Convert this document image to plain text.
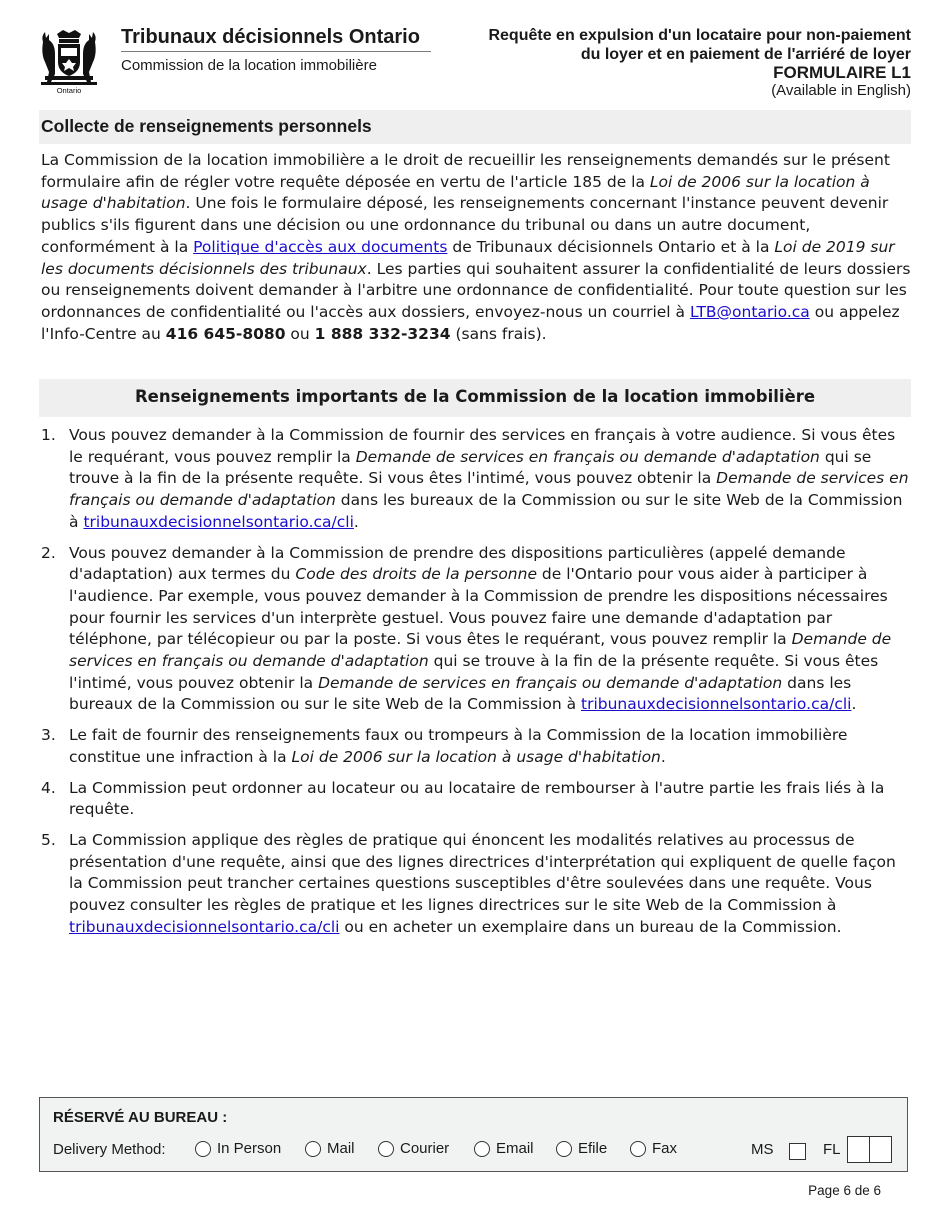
Ontario
Tribunaux décisionnels Ontario
Commission de la location immobilière
Requête en expulsion d'un locataire pour non-paiement
du loyer et en paiement de l'arriéré de loyer
FORMULAIRE L1
(Available in English)
Collecte de renseignements personnels
La Commission de la location immobilière a le droit de recueillir les renseignements demandés sur le présent formulaire afin de régler votre requête déposée en vertu de l'article 185 de la Loi de 2006 sur la location à usage d'habitation. Une fois le formulaire déposé, les renseignements concernant l'instance peuvent devenir publics s'ils figurent dans une décision ou une ordonnance du tribunal ou dans un autre document, conformément à la Politique d'accès aux documents de Tribunaux décisionnels Ontario et à la Loi de 2019 sur les documents décisionnels des tribunaux. Les parties qui souhaitent assurer la confidentialité de leurs dossiers ou renseignements doivent demander à l'arbitre une ordonnance de confidentialité. Pour toute question sur les ordonnances de confidentialité ou l'accès aux dossiers, envoyez-nous un courriel à LTB@ontario.ca ou appelez l'Info-Centre au 416 645-8080 ou 1 888 332-3234 (sans frais).
Renseignements importants de la Commission de la location immobilière
1. Vous pouvez demander à la Commission de fournir des services en français à votre audience. Si vous êtes le requérant, vous pouvez remplir la Demande de services en français ou demande d'adaptation qui se trouve à la fin de la présente requête. Si vous êtes l'intimé, vous pouvez obtenir la Demande de services en français ou demande d'adaptation dans les bureaux de la Commission ou sur le site Web de la Commission à tribunauxdecisionnelsontario.ca/cli.
2. Vous pouvez demander à la Commission de prendre des dispositions particulières (appelé demande d'adaptation) aux termes du Code des droits de la personne de l'Ontario pour vous aider à participer à l'audience. Par exemple, vous pouvez demander à la Commission de prendre les dispositions nécessaires pour fournir les services d'un interprète gestuel. Vous pouvez faire une demande d'adaptation par téléphone, par télécopieur ou par la poste. Si vous êtes le requérant, vous pouvez remplir la Demande de services en français ou demande d'adaptation qui se trouve à la fin de la présente requête. Si vous êtes l'intimé, vous pouvez obtenir la Demande de services en français ou demande d'adaptation dans les bureaux de la Commission ou sur le site Web de la Commission à tribunauxdecisionnelsontario.ca/cli.
3. Le fait de fournir des renseignements faux ou trompeurs à la Commission de la location immobilière constitue une infraction à la Loi de 2006 sur la location à usage d'habitation.
4. La Commission peut ordonner au locateur ou au locataire de rembourser à l'autre partie les frais liés à la requête.
5. La Commission applique des règles de pratique qui énoncent les modalités relatives au processus de présentation d'une requête, ainsi que des lignes directrices d'interprétation qui expliquent de quelle façon la Commission peut trancher certaines questions susceptibles d'être soulevées dans une requête. Vous pouvez consulter les règles de pratique et les lignes directrices sur le site Web de la Commission à tribunauxdecisionnelsontario.ca/cli ou en acheter un exemplaire dans un bureau de la Commission.
RÉSERVÉ AU BUREAU :
Delivery Method:	In Person	Mail	Courier	Email	Efile	Fax	MS	FL
Page 6 de 6
